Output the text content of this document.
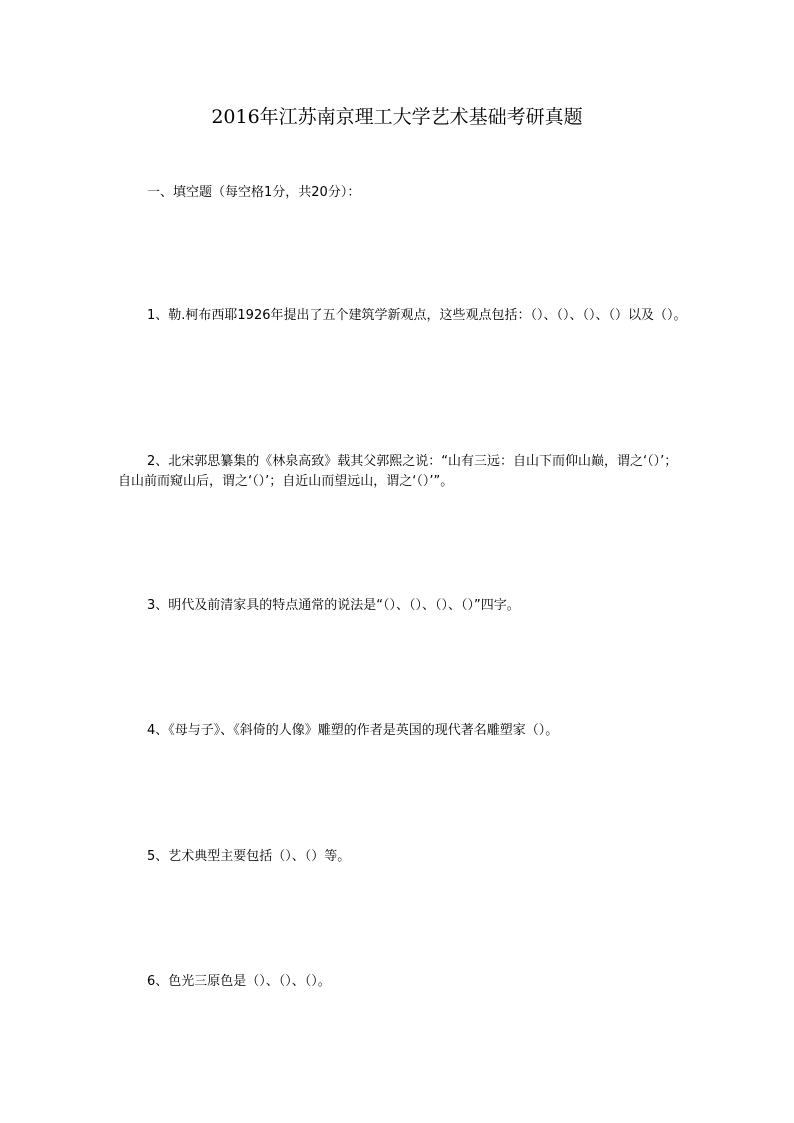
2016年江苏南京理工大学艺术基础考研真题

一、填空题（每空格1分，共20分）：

1、勒.柯布西耶1926年提出了五个建筑学新观点，这些观点包括：（）、（）、（）、（）以及（）。

2、北宋郭思纂集的《林泉高致》载其父郭熙之说：“山有三远：自山下而仰山巅，谓之‘（）’；自山前而窥山后，谓之‘（）’；自近山而望远山，谓之‘（）’”。

3、明代及前清家具的特点通常的说法是“（）、（）、（）、（）”四字。

4、《母与子》、《斜倚的人像》雕塑的作者是英国的现代著名雕塑家（）。

5、艺术典型主要包括（）、（）等。

6、色光三原色是（）、（）、（）。
